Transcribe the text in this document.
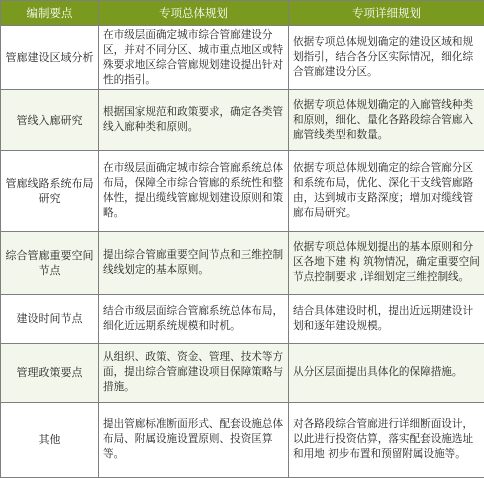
编制要点	专项总体规划	专项详细规划
管廊建设区域分析	在市级层面确定城市综合管廊建设分区，并对不同分区、城市重点地区或特殊要求地区综合管廊规划建设提出针对性的指引。	依据专项总体规划确定的建设区域和规划指引，结合各分区实际情况，细化综合管廊建设分区。
管线入廊研究	根据国家规范和政策要求，确定各类管线入廊种类和原则。	依据专项总体规划确定的入廊管线种类和原则，细化、量化各路段综合管廊入廊管线类型和数量。
管廊线路系统布局研究	在市级层面确定城市综合管廊系统总体布局，保障全市综合管廊的系统性和整体性，提出缆线管廊规划建设原则和策略。	依据专项总体规划确定的综合管廊分区和系统布局，优化、深化干支线管廊路由，达到城市支路深度；增加对缆线管廊布局研究。
综合管廊重要空间节点	提出综合管廊重要空间节点和三维控制线线划定的基本原则。	依据专项总体规划提出的基本原则和分区各地下建 构 筑物情况，确定重要空间节点控制要求 ,详细划定三维控制线。
建设时间节点	结合市级层面综合管廊系统总体布局，细化近远期系统规模和时机。	结合具体建设时机，提出近远期建设计划和逐年建设规模。
管理政策要点	从组织、政策、资金、管理、技术等方面，提出综合管廊建设项目保障策略与措施。	从分区层面提出具体化的保障措施。
其他	提出管廊标准断面形式、配套设施总体布局、附属设施设置原则、投资匡算等。	对各路段综合管廊进行详细断面设计，以此进行投资估算，落实配套设施选址和用地 初步布置和预留附属设施等。
